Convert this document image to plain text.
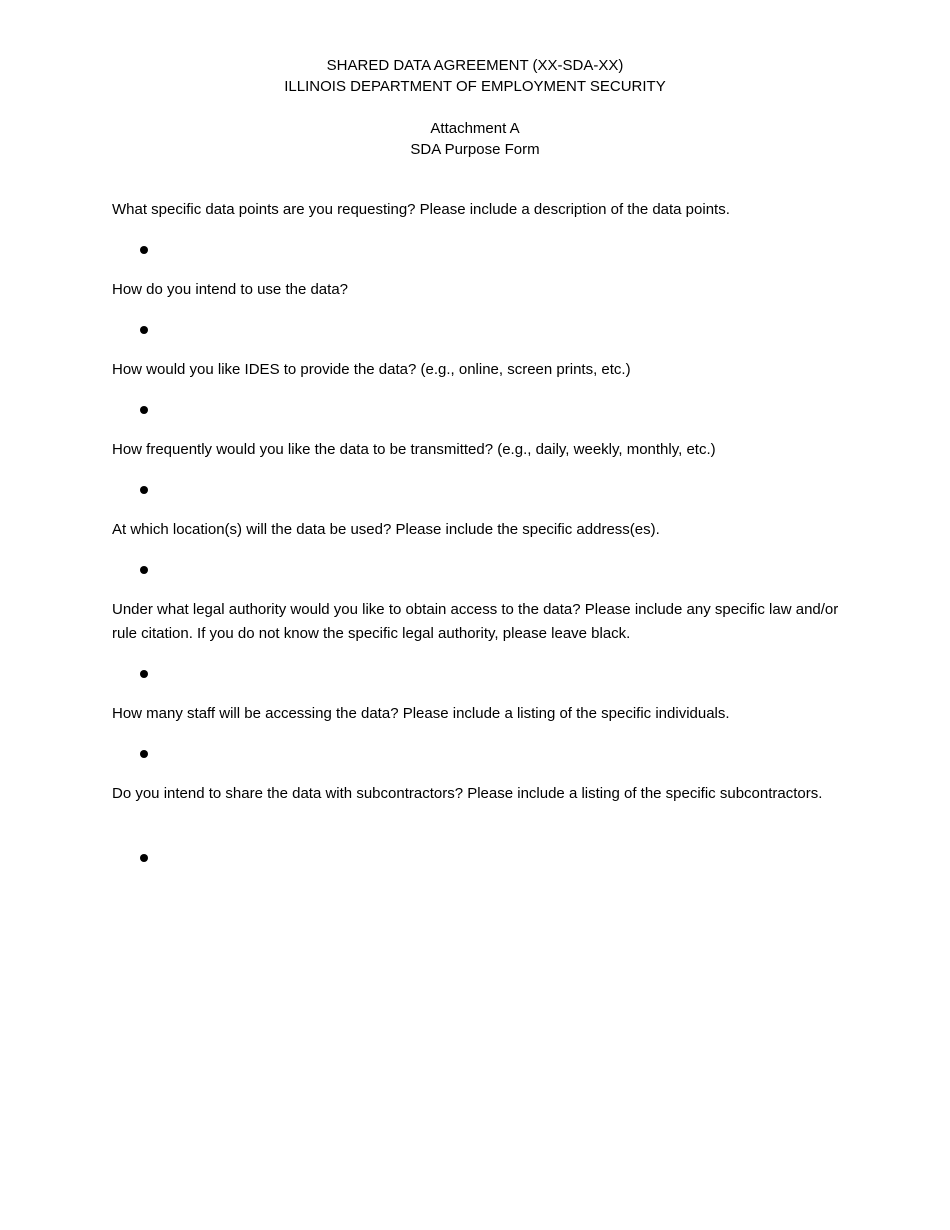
SHARED DATA AGREEMENT (XX-SDA-XX)
ILLINOIS DEPARTMENT OF EMPLOYMENT SECURITY
Attachment A
SDA Purpose Form
What specific data points are you requesting? Please include a description of the data points.
How do you intend to use the data?
How would you like IDES to provide the data? (e.g., online, screen prints, etc.)
How frequently would you like the data to be transmitted? (e.g., daily, weekly, monthly, etc.)
At which location(s) will the data be used? Please include the specific address(es).
Under what legal authority would you like to obtain access to the data? Please include any specific law and/or rule citation. If you do not know the specific legal authority, please leave black.
How many staff will be accessing the data? Please include a listing of the specific individuals.
Do you intend to share the data with subcontractors? Please include a listing of the specific subcontractors.
